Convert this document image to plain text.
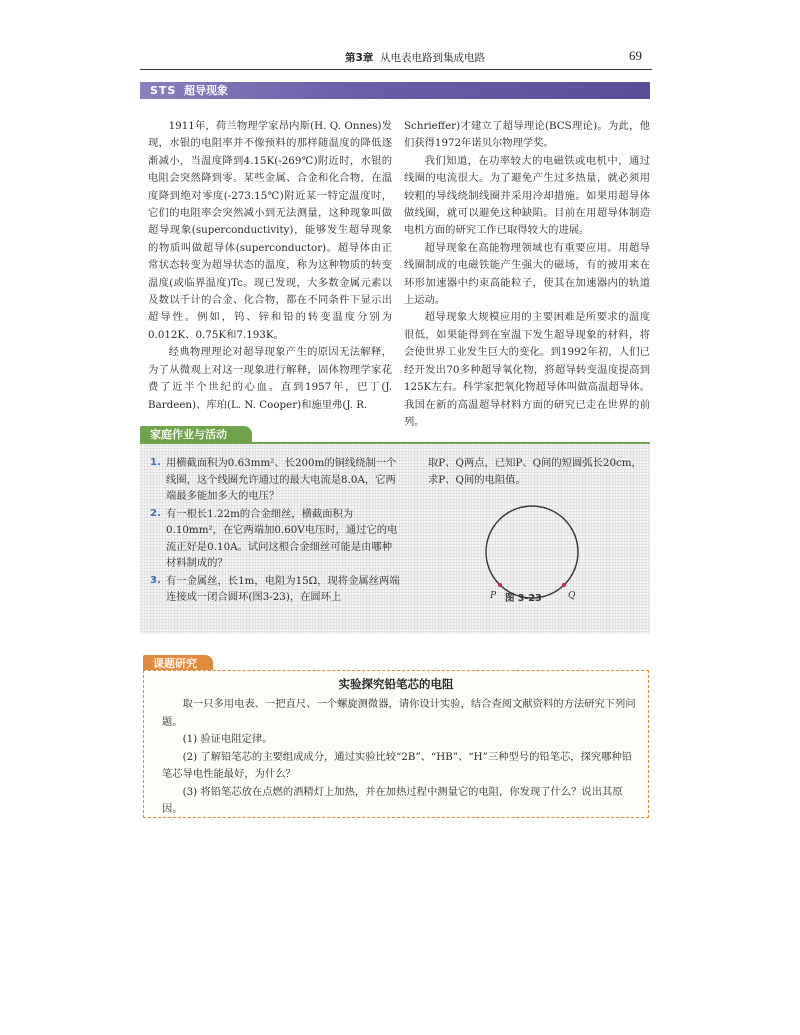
第3章 从电表电路到集成电路	69
STS 超导现象

1911年，荷兰物理学家昂内斯(H. Q. Onnes)发现，水银的电阻率并不像预料的那样随温度的降低逐渐减小，当温度降到4.15K(-269℃)附近时，水银的电阻会突然降到零。某些金属、合金和化合物，在温度降到绝对零度(-273.15℃)附近某一特定温度时，它们的电阻率会突然减小到无法测量，这种现象叫做超导现象(superconductivity)，能够发生超导现象的物质叫做超导体(superconductor)。超导体由正常状态转变为超导状态的温度，称为这种物质的转变温度(或临界温度)Tc。现已发现，大多数金属元素以及数以千计的合金、化合物，都在不同条件下显示出超导性。例如，钨、锌和铅的转变温度分别为0.012K、0.75K和7.193K。

经典物理理论对超导现象产生的原因无法解释，为了从微观上对这一现象进行解释，固体物理学家花费了近半个世纪的心血。直到1957年，巴丁(J. Bardeen)、库珀(L. N. Cooper)和施里弗(J. R.

Schrieffer)才建立了超导理论(BCS理论)。为此，他们获得1972年诺贝尔物理学奖。

我们知道，在功率较大的电磁铁或电机中，通过线圈的电流很大。为了避免产生过多热量，就必须用较粗的导线绕制线圈并采用冷却措施。如果用超导体做线圈，就可以避免这种缺陷。目前在用超导体制造电机方面的研究工作已取得较大的进展。

超导现象在高能物理领域也有重要应用。用超导线圈制成的电磁铁能产生强大的磁场，有的被用来在环形加速器中约束高能粒子，使其在加速器内的轨道上运动。

超导现象大规模应用的主要困难是所要求的温度很低，如果能得到在室温下发生超导现象的材料，将会使世界工业发生巨大的变化。到1992年初，人们已经开发出70多种超导氧化物，将超导转变温度提高到125K左右。科学家把氧化物超导体叫做高温超导体。我国在新的高温超导材料方面的研究已走在世界的前列。

家庭作业与活动
1. 用横截面积为0.63mm²、长200m的铜线绕制一个线圈，这个线圈允许通过的最大电流是8.0A，它两端最多能加多大的电压？
2. 有一根长1.22m的合金细丝，横截面积为0.10mm²，在它两端加0.60V电压时，通过它的电流正好是0.10A。试问这根合金细丝可能是由哪种材料制成的？
3. 有一金属丝，长1m，电阻为15Ω，现将金属丝两端连接成一闭合圆环(图3-23)，在圆环上
取P、Q两点，已知P、Q间的短圆弧长20cm，求P、Q间的电阻值。
P	Q
图 3-23
课题研究
实验探究铅笔芯的电阻

取一只多用电表、一把直尺、一个螺旋测微器，请你设计实验，结合查阅文献资料的方法研究下列问题。

(1) 验证电阻定律。

(2) 了解铅笔芯的主要组成成分，通过实验比较“2B”、“HB”、“H”三种型号的铅笔芯，探究哪种铅笔芯导电性能最好，为什么？

(3) 将铅笔芯放在点燃的酒精灯上加热，并在加热过程中测量它的电阻，你发现了什么？说出其原因。
